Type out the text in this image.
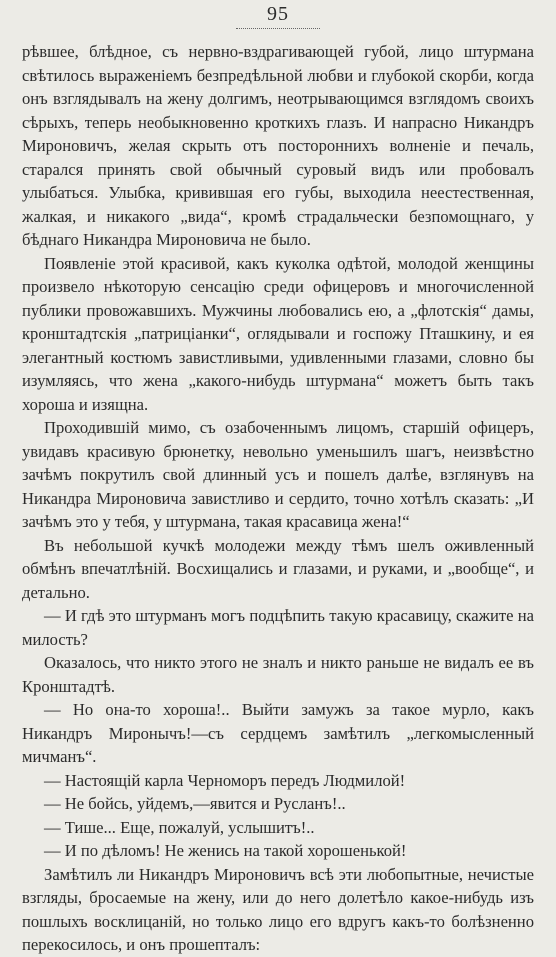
95

рѣвшее, блѣдное, съ нервно-вздрагивающей губой, лицо штурмана свѣтилось выраженіемъ безпредѣльной любви и глубокой скорби, когда онъ взглядывалъ на жену долгимъ, неотрывающимся взглядомъ своихъ сѣрыхъ, теперь необыкновенно кроткихъ глазъ. И напрасно Никандръ Мироновичъ, желая скрыть отъ постороннихъ волненіе и печаль, старался принять свой обычный суровый видъ или пробовалъ улыбаться. Улыбка, кривившая его губы, выходила неестественная, жалкая, и никакого „вида“, кромѣ страдальчески безпомощнаго, у бѣднаго Никандра Мироновича не было.

Появленіе этой красивой, какъ куколка одѣтой, молодой женщины произвело нѣкоторую сенсацію среди офицеровъ и многочисленной публики провожавшихъ. Мужчины любовались ею, а „флотскія“ дамы, кронштадтскія „патриціанки“, оглядывали и госпожу Пташкину, и ея элегантный костюмъ завистливыми, удивленными глазами, словно бы изумляясь, что жена „какого-нибудь штурмана“ можетъ быть такъ хороша и изящна.

Проходившій мимо, съ озабоченнымъ лицомъ, старшій офицеръ, увидавъ красивую брюнетку, невольно уменьшилъ шагъ, неизвѣстно зачѣмъ покрутилъ свой длинный усъ и пошелъ далѣе, взглянувъ на Никандра Мироновича завистливо и сердито, точно хотѣлъ сказать: „И зачѣмъ это у тебя, у штурмана, такая красавица жена!“

Въ небольшой кучкѣ молодежи между тѣмъ шелъ оживленный обмѣнъ впечатлѣній. Восхищались и глазами, и руками, и „вообще“, и детально.

— И гдѣ это штурманъ могъ подцѣпить такую красавицу, скажите на милость?

Оказалось, что никто этого не зналъ и никто раньше не видалъ ее въ Кронштадтѣ.

— Но она-то хороша!.. Выйти замужъ за такое мурло, какъ Никандръ Миронычъ!—съ сердцемъ замѣтилъ „легкомысленный мичманъ“.

— Настоящій карла Черноморъ передъ Людмилой!

— Не бойсь, уйдемъ,—явится и Русланъ!..

— Тише... Еще, пожалуй, услышитъ!..

— И по дѣломъ! Не женись на такой хорошенькой!

Замѣтилъ ли Никандръ Мироновичъ всѣ эти любопытные, нечистые взгляды, бросаемые на жену, или до него долетѣло какое-нибудь изъ пошлыхъ восклицаній, но только лицо его вдругъ какъ-то болѣзненно перекосилось, и онъ прошепталъ:
